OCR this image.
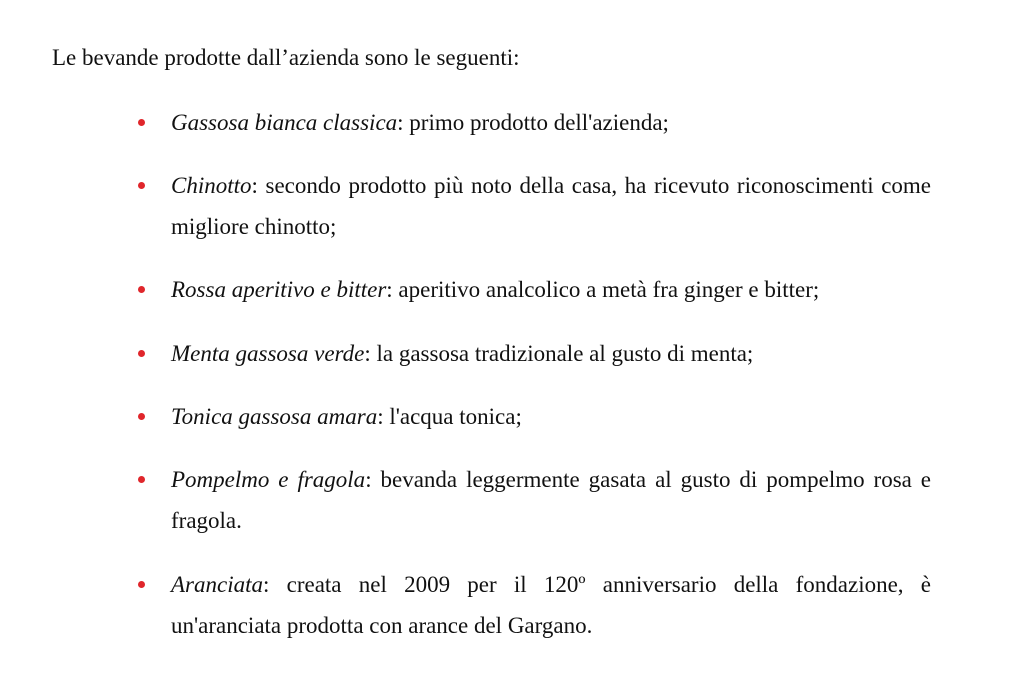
Le bevande prodotte dall’azienda sono le seguenti:

Gassosa bianca classica: primo prodotto dell'azienda;
Chinotto: secondo prodotto più noto della casa, ha ricevuto riconoscimenti come migliore chinotto;
Rossa aperitivo e bitter: aperitivo analcolico a metà fra ginger e bitter;
Menta gassosa verde: la gassosa tradizionale al gusto di menta;
Tonica gassosa amara: l'acqua tonica;
Pompelmo e fragola: bevanda leggermente gasata al gusto di pompelmo rosa e fragola.
Aranciata: creata nel 2009 per il 120º anniversario della fondazione, è un'aranciata prodotta con arance del Gargano.
